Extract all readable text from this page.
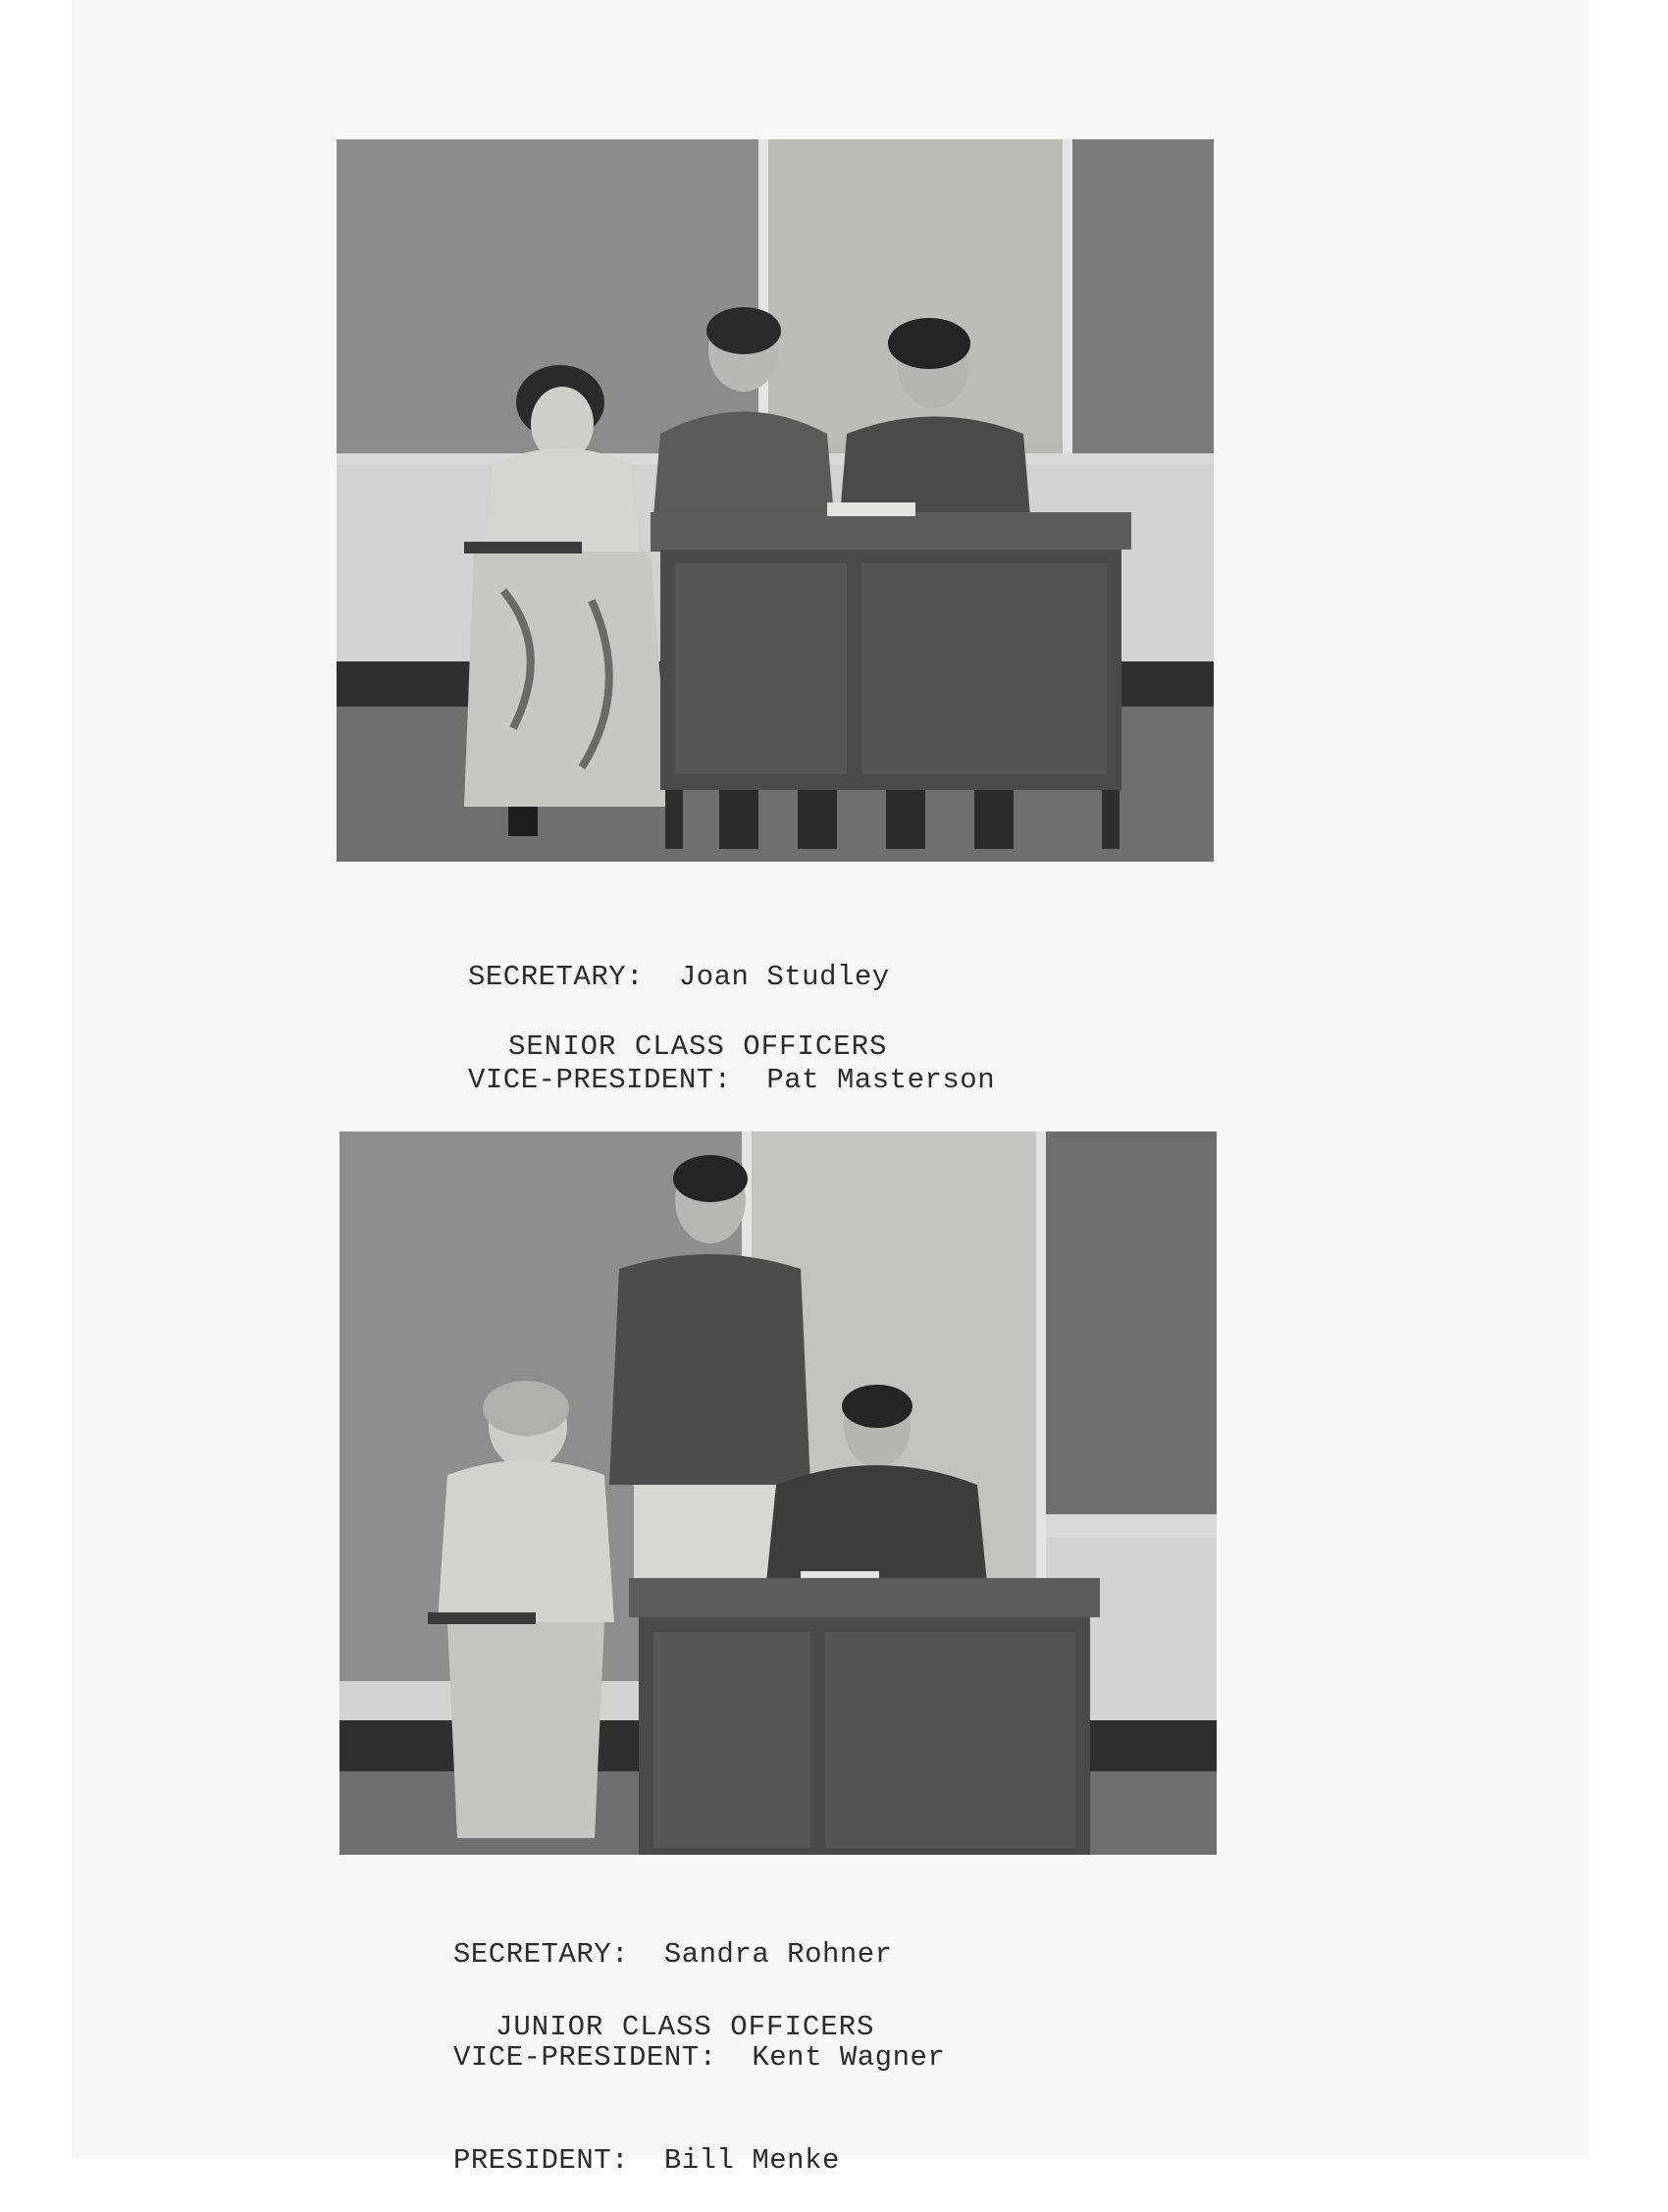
SECRETARY: Joan Studley

VICE-PRESIDENT: Pat Masterson

SENIOR CLASS OFFICERS

SECRETARY: Sandra Rohner

VICE-PRESIDENT: Kent Wagner

PRESIDENT: Bill Menke

JUNIOR CLASS OFFICERS
